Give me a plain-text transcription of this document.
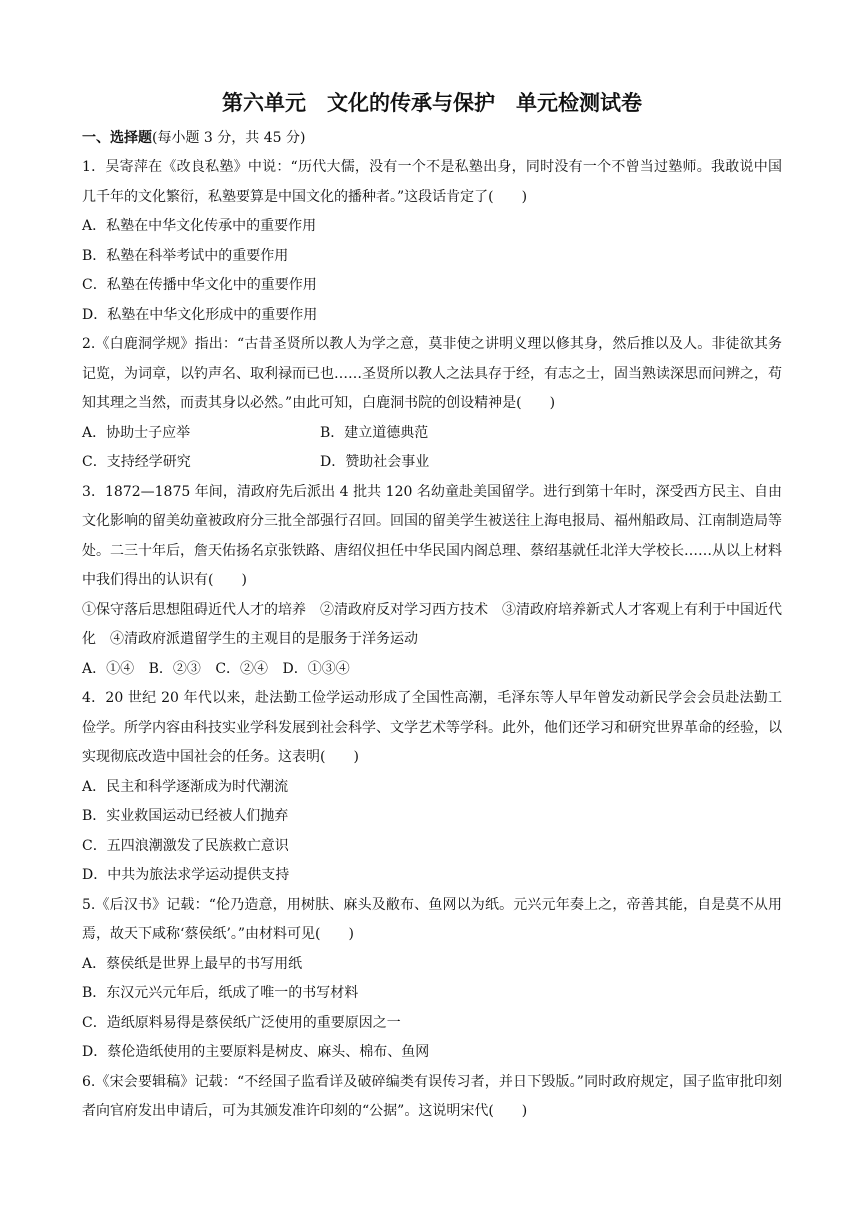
第六单元　文化的传承与保护　单元检测试卷
一、选择题(每小题 3 分，共 45 分)

1．吴寄萍在《改良私塾》中说：“历代大儒，没有一个不是私塾出身，同时没有一个不曾当过塾师。我敢说中国几千年的文化繁衍，私塾要算是中国文化的播种者。”这段话肯定了(　　)

A．私塾在中华文化传承中的重要作用

B．私塾在科举考试中的重要作用

C．私塾在传播中华文化中的重要作用

D．私塾在中华文化形成中的重要作用

2.《白鹿洞学规》指出：“古昔圣贤所以教人为学之意，莫非使之讲明义理以修其身，然后推以及人。非徒欲其务记览，为词章，以钓声名、取利禄而已也……圣贤所以教人之法具存于经，有志之士，固当熟读深思而问辨之，苟知其理之当然，而责其身以必然。”由此可知，白鹿洞书院的创设精神是(　　)

A．协助士子应举	B．建立道德典范
C．支持经学研究	D．赞助社会事业

3．1872—1875 年间，清政府先后派出 4 批共 120 名幼童赴美国留学。进行到第十年时，深受西方民主、自由文化影响的留美幼童被政府分三批全部强行召回。回国的留美学生被送往上海电报局、福州船政局、江南制造局等处。二三十年后，詹天佑扬名京张铁路、唐绍仪担任中华民国内阁总理、蔡绍基就任北洋大学校长……从以上材料中我们得出的认识有(　　)

①保守落后思想阻碍近代人才的培养　②清政府反对学习西方技术　③清政府培养新式人才客观上有利于中国近代化　④清政府派遣留学生的主观目的是服务于洋务运动

A．①④ B．②③ C．②④ D．①③④

4．20 世纪 20 年代以来，赴法勤工俭学运动形成了全国性高潮，毛泽东等人早年曾发动新民学会会员赴法勤工俭学。所学内容由科技实业学科发展到社会科学、文学艺术等学科。此外，他们还学习和研究世界革命的经验，以实现彻底改造中国社会的任务。这表明(　　)

A．民主和科学逐渐成为时代潮流

B．实业救国运动已经被人们抛弃

C．五四浪潮激发了民族救亡意识

D．中共为旅法求学运动提供支持

5.《后汉书》记载：“伦乃造意，用树肤、麻头及敝布、鱼网以为纸。元兴元年奏上之，帝善其能，自是莫不从用焉，故天下咸称‘蔡侯纸’。”由材料可见(　　)

A．蔡侯纸是世界上最早的书写用纸

B．东汉元兴元年后，纸成了唯一的书写材料

C．造纸原料易得是蔡侯纸广泛使用的重要原因之一

D．蔡伦造纸使用的主要原料是树皮、麻头、棉布、鱼网

6.《宋会要辑稿》记载：“不经国子监看详及破碎编类有误传习者，并日下毁版。”同时政府规定，国子监审批印刻者向官府发出申请后，可为其颁发准许印刻的“公据”。这说明宋代(　　)
